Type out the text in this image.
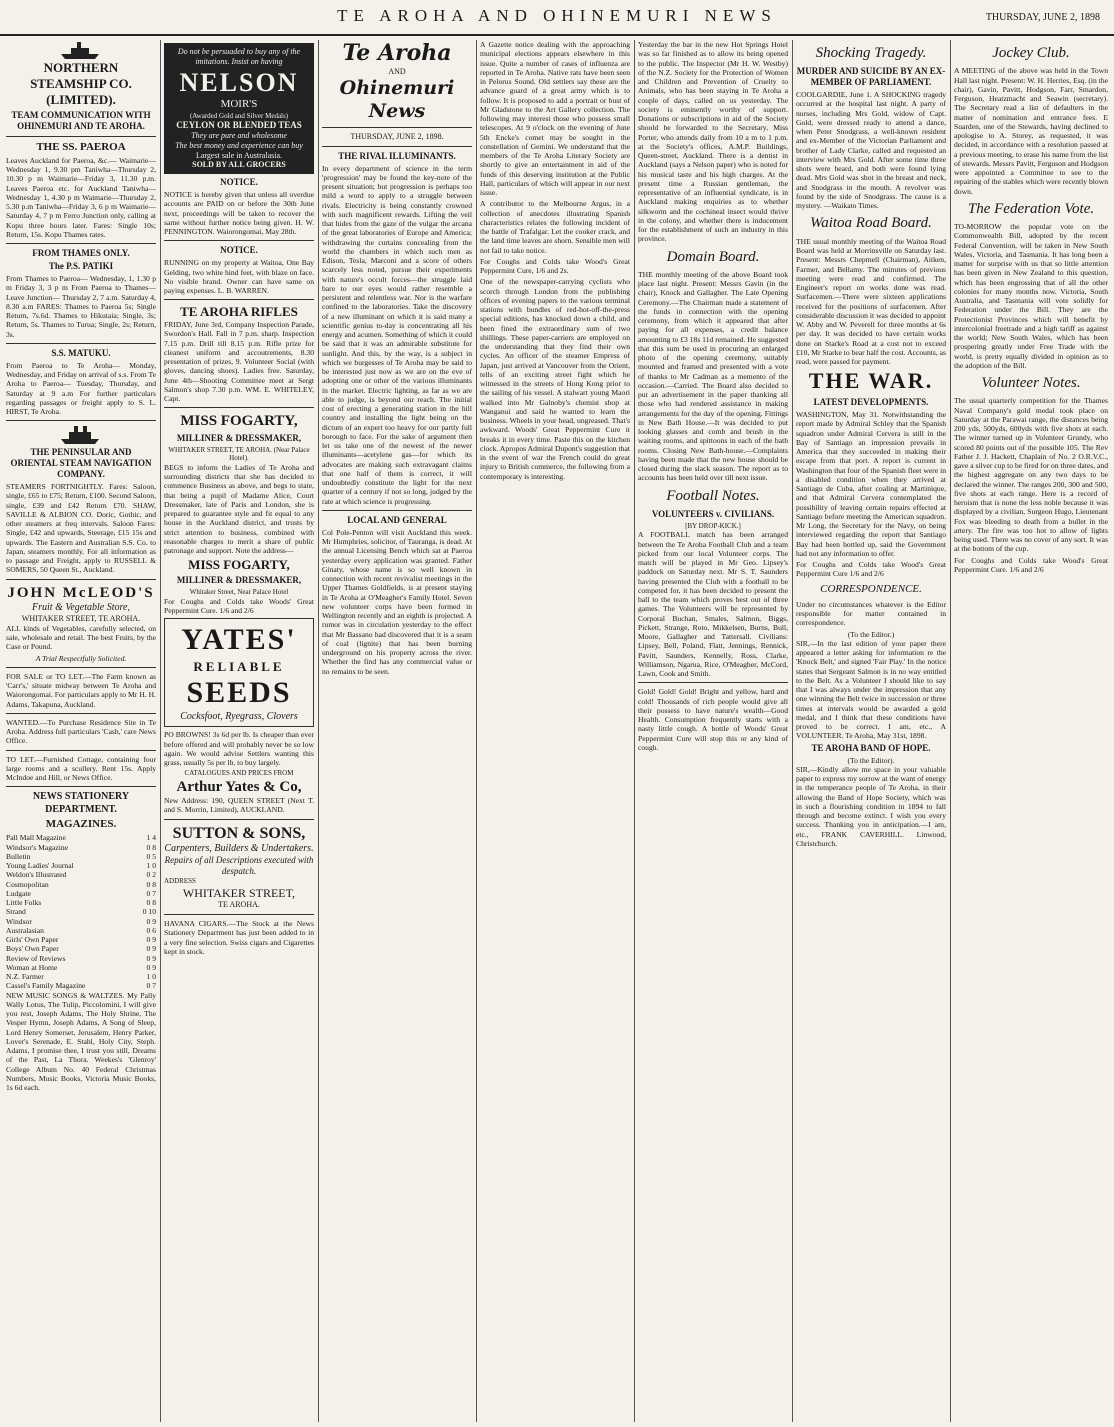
TE AROHA AND OHINEMURI NEWS	THURSDAY, JUNE 2, 1898
NORTHERN STEAMSHIP CO. (LIMITED).
TEAM COMMUNICATION WITH OHINEMURI AND TE AROHA.
THE SS. PAEROA

Leaves Auckland for Paeroa, &c.— Waimarie—Wednesday 1, 9.30 pm Taniwha—Thursday 2, 10.30 p m Waimarie—Friday 3, 11.30 p.m. Leaves Paeroa etc. for Auckland Taniwha—Wednesday 1, 4.30 p m Waimarie—Thursday 2, 5.30 p.m Taniwha—Friday 3, 6 p m Waimarie—Saturday 4, 7 p m Ferro Junction only, calling at Kopu three hours later. Fares: Single 10s; Return, 15s. Kopu Thames rates.

FROM THAMES ONLY.
The P.S. PATIKI

From Thames to Paeroa— Wednesday, 1, 1.30 p m Friday 3, 3 p m From Paeroa to Thames— Leave Junction— Thursday 2, 7 a.m. Saturday 4, 8.30 a.m FARES: Thames to Paeroa 5s; Single Return, 7s.6d. Thames to Hikutaia; Single, 3s; Return, 5s. Thames to Turua; Single, 2s; Return, 3s.

S.S. MATUKU.

From Paeroa to Te Aroha— Monday, Wednesday, and Friday on arrival of s.s. From Te Aroha to Paeroa— Tuesday, Thursday, and Saturday at 9 a.m For further particulars regarding passages or freight apply to S. L. HIRST, Te Aroha.

THE PENINSULAR AND ORIENTAL STEAM NAVIGATION COMPANY.

STEAMERS FORTNIGHTLY. Fares: Saloon, single, £65 to £75; Return, £100. Second Saloon, single, £39 and £42 Return £70. SHAW, SAVILLE & ALBION CO. Doric, Gothic, and other steamers at freq intervals. Saloon Fares: Single, £42 and upwards, Steerage, £15 15s and upwards. The Eastern and Australian S.S. Co. to Japan, steamers monthly. For all information as to passage and Freight, apply to RUSSELL & SOMERS, 50 Queen St., Auckland.

JOHN McLEOD'S
Fruit & Vegetable Store,
WHITAKER STREET, TE AROHA.

ALL kinds of Vegetables, carefully selected, on sale, wholesale and retail. The best Fruits, by the Case or Pound.

A Trial Respectfully Solicited.

FOR SALE or TO LET.—The Farm known as 'Carr's,' situate midway between Te Aroha and Waiorongomai. For particulars apply to Mr H. H. Adams, Takapuna, Auckland.

WANTED.—To Purchase Residence Site in Te Aroha. Address full particulars 'Cash,' care News Office.

TO LET.—Furnished Cottage, containing four large rooms and a scullery. Rent 15s. Apply McIndoe and Hill, or News Office.

NEWS STATIONERY DEPARTMENT.
MAGAZINES.
Pall Mall Magazine	1 4
Windsor's Magazine	0 8
Bulletin	0 5
Young Ladies' Journal	1 0
Weldon's Illustrated	0 2
Cosmopolitan	0 8
Ludgate	0 7
Little Folks	0 8
Strand	0 10
Windsor	0 9
Australasian	0 6
Girls' Own Paper	0 9
Boys' Own Paper	0 9
Review of Reviews	0 9
Woman at Home	0 9
N.Z. Farmer	1 0
Cassel's Family Magazine	0 7

NEW MUSIC SONGS & WALTZES. My Pally Wally Lotus, The Tulip, Piccolomini, I will give you rest, Joseph Adams, The Holy Shrine, The Vesper Hymn, Joseph Adams, A Song of Sleep, Lord Henry Somerset, Jerusalem, Henry Parker, Lover's Serenade, E. Stahl, Holy City, Steph. Adams, I promise thee, I trust you still, Dreams of the Past, La Thora. Weekes's 'Glenroy' College Album No. 40 Federal Christmas Numbers, Music Books, Victoria Music Books, 1s 6d each.

Do not be persuaded to buy any of the imitations. Insist on having
NELSON
MOIR'S
(Awarded Gold and Silver Medals)
CEYLON OR BLENDED TEAS
They are pure and wholesome
The best money and experience can buy
Largest sale in Australasia.
SOLD BY ALL GROCERS
NOTICE.

NOTICE is hereby given that unless all overdue accounts are PAID on or before the 30th June next, proceedings will be taken to recover the same without further notice being given. H. W. PENNINGTON. Waiorongomai, May 28th.

NOTICE.

RUNNING on my property at Waitoa, One Bay Gelding, two white hind feet, with blaze on face. No visible brand. Owner can have same on paying expenses. L. B. WARREN.

TE AROHA RIFLES

FRIDAY, June 3rd, Company Inspection Parade, Swordon's Hall. Fall in 7 p.m. sharp. Inspection 7.15 p.m. Drill till 8.15 p.m. Rifle prize for cleanest uniform and accoutrements, 8.30 presentation of prizes, 9. Volunteer Social (with gloves, dancing shoes). Ladies free. Saturday, June 4th—Shooting Committee meet at Sergt Salmon's shop 7.30 p.m. WM. E. WHITELEY, Capt.

MISS FOGARTY,
MILLINER & DRESSMAKER,
WHITAKER STREET, TE AROHA. (Near Palace Hotel).

BEGS to inform the Ladies of Te Aroha and surrounding districts that she has decided to commence Business as above, and begs to state, that being a pupil of Madame Alice, Court Dressmaker, late of Paris and London, she is prepared to guarantee style and fit equal to any house in the Auckland district, and trusts by strict attention to business, combined with reasonable charges to merit a share of public patronage and support. Note the address—

MISS FOGARTY,
MILLINER & DRESSMAKER,
Whitaker Street, Near Palace Hotel

For Coughs and Colds take Woods' Great Peppermint Cure. 1/6 and 2/6

YATES'
RELIABLE
SEEDS
Cocksfoot, Ryegrass, Clovers

PO BROWNS! 3s 6d per lb. Is cheaper than ever before offered and will probably never be so low again. We would advise Settlers wanting this grass, usually 5s per lb, to buy largely.

CATALOGUES AND PRICES FROM
Arthur Yates & Co,

New Address: 190, QUEEN STREET (Next T. and S. Morrin, Limited), AUCKLAND.

SUTTON & SONS,
Carpenters, Builders & Undertakers.
Repairs of all Descriptions executed with despatch.
ADDRESS
WHITAKER STREET,
TE AROHA.

HAVANA CIGARS.—The Stock at the News Stationery Department has just been added to in a very fine selection. Swiss cigars and Cigarettes kept in stock.

Te Aroha
AND
Ohinemuri News
THURSDAY, JUNE 2, 1898.
THE RIVAL ILLUMINANTS.

In every department of science in the term 'progression' may be found the key-note of the present situation; but progression is perhaps too mild a word to apply to a struggle between rivals. Electricity is being constantly crowned with such magnificent rewards. Lifting the veil that hides from the gaze of the vulgar the arcana of the great laboratories of Europe and America; withdrawing the curtains concealing from the world the chambers in which such men as Edison, Tesla, Marconi and a score of others scarcely less noted, pursue their experiments with nature's occult forces—the struggle laid bare to our eyes would rather resemble a persistent and relentless war. Nor is the warfare confined to the laboratories. Take the discovery of a new illuminant on which it is said many a scientific genius to-day is concentrating all his energy and acumen. Something of which it could be said that it was an admirable substitute for sunlight. And this, by the way, is a subject in which we burgesses of Te Aroha may be said to be interested just now as we are on the eve of adopting one or other of the various illuminants in the market. Electric lighting, as far as we are able to judge, is beyond our reach. The initial cost of erecting a generating station in the hill country and installing the light being on the dictum of an expert too heavy for our partly full borough to face. For the sake of argument then let us take one of the newest of the newer illuminants—acetylene gas—for which its advocates are making such extravagant claims that one half of them is correct, it will undoubtedly constitute the light for the next quarter of a century if not so long, judged by the rate at which science is progressing.

LOCAL AND GENERAL

Col Pole-Penton will visit Auckland this week. Mr Humphries, solicitor, of Tauranga, is dead. At the annual Licensing Bench which sat at Paeroa yesterday every application was granted. Father Ginaty, whose name is so well known in connection with recent revivalist meetings in the Upper Thames Goldfields, is at present staying in Te Aroha at O'Meagher's Family Hotel. Seven new volunteer corps have been formed in Wellington recently and an eighth is projected. A rumor was in circulation yesterday to the effect that Mr Bassano had discovered that it is a seam of coal (lignite) that has been burning underground on his property across the river. Whether the find has any commercial value or no remains to be seen.

A Gazette notice dealing with the approaching municipal elections appears elsewhere in this issue. Quite a number of cases of influenza are reported in Te Aroha. Native rats have been seen in Pelorus Sound. Old settlers say these are the advance guard of a great army which is to follow. It is proposed to add a portrait or bust of Mr Gladstone to the Art Gallery collection. The following may interest those who possess small telescopes. At 9 o'clock on the evening of June 5th Encke's comet may be sought in the constellation of Gemini. We understand that the members of the Te Aroha Literary Society are shortly to give an entertainment in aid of the funds of this deserving institution at the Public Hall, particulars of which will appear in our next issue.

A contributor to the Melbourne Argus, in a collection of anecdotes illustrating Spanish characteristics relates the following incident of the battle of Trafalgar. Let the cooker crack, and the land time leaves are shorn. Sensible men will not fail to take notice.

For Coughs and Colds take Wood's Great Peppermint Cure, 1/6 and 2s.

One of the newspaper-carrying cyclists who scorch through London from the publishing offices of evening papers to the various terminal stations with bundles of red-hot-off-the-press special editions, has knocked down a child, and been fined the extraordinary sum of two shillings. These paper-carriers are employed on the understanding that they find their own cycles. An officer of the steamer Empress of Japan, just arrived at Vancouver from the Orient, tells of an exciting street fight which he witnessed in the streets of Hong Kong prior to the sailing of his vessel. A stalwart young Maori walked into Mr Galnoby's chemist shop at Wanganui and said he wanted to learn the business. Wheels in your head, ungreased. That's awkward. Woods' Great Peppermint Cure it breaks it in every time. Paste this on the kitchen clock. Apropos Admiral Dupont's suggestion that in the event of war the French could do great injury to British commerce, the following from a contemporary is interesting.

Yesterday the bar in the new Hot Springs Hotel was so far finished as to allow its being opened to the public. The Inspector (Mr H. W. Westby) of the N.Z. Society for the Protection of Women and Children and Prevention of Cruelty to Animals, who has been staying in Te Aroha a couple of days, called on us yesterday. The society is eminently worthy of support. Donations or subscriptions in aid of the Society should be forwarded to the Secretary, Miss Porter, who attends daily from 10 a m to 1 p.m. at the Society's offices, A.M.P. Buildings, Queen-street, Auckland. There is a dentist in Auckland (says a Nelson paper) who is noted for his musical taste and his high charges. At the present time a Russian gentleman, the representative of an influential syndicate, is in Auckland making enquiries as to whether silkworm and the cochineal insect would thrive in the colony, and whether there is inducement for the establishment of such an industry in this province.

Domain Board.

THE monthly meeting of the above Board took place last night. Present: Messrs Gavin (in the chair), Knock and Gallagher. The Late Opening Ceremony.—The Chairman made a statement of the funds in connection with the opening ceremony, from which it appeared that after paying for all expenses, a credit balance amounting to £3 18s 11d remained. He suggested that this sum be used in procuring an enlarged photo of the opening ceremony, suitably mounted and framed and presented with a vote of thanks to Mr Cadman as a memento of the occasion.—Carried. The Board also decided to put an advertisement in the paper thanking all those who had rendered assistance in making arrangements for the day of the opening. Fittings in New Bath House.—It was decided to put looking glasses and comb and brush in the waiting rooms, and spittoons in each of the bath rooms. Closing New Bath-house.—Complaints having been made that the new house should be closed during the slack season. The report as to accounts has been held over till next issue.

Football Notes.
VOLUNTEERS v. CIVILIANS.
[BY DROP-KICK.]

A FOOTBALL match has been arranged between the Te Aroha Football Club and a team picked from our local Volunteer corps. The match will be played in Mr Geo. Lipsey's paddock on Saturday next. Mr S. T. Saunders having presented the Club with a football to be competed for, it has been decided to present the ball to the team which proves best out of three games. The Volunteers will be represented by Corporal Buchan, Smales, Salmon, Biggs, Pickett, Strange, Roto, Mikkelsen, Burns, Bull, Moore, Gallagher and Tattersall. Civilians: Lipsey, Bell, Poland, Flatt, Jennings, Rennick, Pavitt, Saunders, Kennelly, Ross, Clarke, Williamson, Ngarua, Rice, O'Meagher, McCord, Lawn, Cook and Smith.

Gold! Gold! Gold! Bright and yellow, hard and cold! Thousands of rich people would give all their possess to have nature's wealth—Good Health. Consumption frequently starts with a nasty little cough. A bottle of Woods' Great Peppermint Cure will stop this or any kind of cough.

Shocking Tragedy.
MURDER AND SUICIDE BY AN EX-MEMBER OF PARLIAMENT.

COOLGARDIE, June 1. A SHOCKING tragedy occurred at the hospital last night. A party of nurses, including Mrs Gold, widow of Capt. Gold, were dressed ready to attend a dance, when Peter Snodgrass, a well-known resident and ex-Member of the Victorian Parliament and brother of Lady Clarke, called and requested an interview with Mrs Gold. After some time three shots were heard, and both were found lying dead. Mrs Gold was shot in the breast and neck, and Snodgrass in the mouth. A revolver was found by the side of Snodgrass. The cause is a mystery. —Waikato Times.

Waitoa Road Board.

THE usual monthly meeting of the Waitoa Road Board was held at Morrinsville on Saturday last. Present: Messrs Chepmell (Chairman), Aitken, Farmer, and Bellamy. The minutes of previous meeting were read and confirmed. The Engineer's report on works done was read. Surfacemen.—There were sixteen applications received for the positions of surfacemen. After considerable discussion it was decided to appoint W. Abby and W. Peverell for three months at 6s per day. It was decided to have certain works done on Starke's Road at a cost not to exceed £10, Mr Starke to bear half the cost. Accounts, as read, were passed for payment.

THE WAR.
LATEST DEVELOPMENTS.

WASHINGTON, May 31. Notwithstanding the report made by Admiral Schley that the Spanish squadron under Admiral Cervera is still in the Bay of Santiago an impression prevails in America that they succeeded in making their escape from that port. A report is current in Washington that four of the Spanish fleet were in a disabled condition when they arrived at Santiago de Cuba, after coaling at Martinique, and that Admiral Cervera contemplated the possibility of leaving certain repairs effected at Santiago before meeting the American squadron. Mr Long, the Secretary for the Navy, on being interviewed regarding the report that Santiago Bay had been bottled up, said the Government had not any information to offer.

For Coughs and Colds take Wood's Great Peppermint Cure 1/6 and 2/6

CORRESPONDENCE.

Under no circumstances whatever is the Editor responsible for matter contained in correspondence.

(To the Editor.)

SIR,—In the last edition of your paper there appeared a letter asking for information re the 'Knock Belt,' and signed 'Fair Play.' In the notice states that Sergeant Salmon is in no way entitled to the Belt. As a Volunteer I should like to say that I was always under the impression that any one winning the Belt twice in succession or three times at intervals would be awarded a gold medal, and I think that these conditions have proved to be correct. I am, etc., A VOLUNTEER. Te Aroha, May 31st, 1898.

TE AROHA BAND OF HOPE.
(To the Editor).

SIR,—Kindly allow me space in your valuable paper to express my sorrow at the want of energy in the temperance people of Te Aroha, in their allowing the Band of Hope Society, which was in such a flourishing condition in 1894 to fall through and become extinct. I wish you every success. Thanking you in anticipation.—I am, etc., FRANK CAVERHILL. Linwood, Christchurch.

Jockey Club.

A MEETING of the above was held in the Town Hall last night. Present: W. H. Herries, Esq. (in the chair), Gavin, Pavitt, Hodgson, Farr, Smardon, Ferguson, Heatzmacht and Seawin (secretary). The Secretary read a list of defaulters in the matter of nomination and entrance fees. E Suarden, one of the Stewards, having declined to apologise to A. Storey, as requested, it was decided, in accordance with a resolution passed at a previous meeting, to erase his name from the list of stewards. Messrs Pavitt, Ferguson and Hodgson were appointed a Committee to see to the repairing of the stables which were recently blown down.

The Federation Vote.

TO-MORROW the popular vote on the Commonwealth Bill, adopted by the recent Federal Convention, will be taken in New South Wales, Victoria, and Tasmania. It has long been a matter for surprise with us that so little attention has been given in New Zealand to this question, which has been engrossing that of all the other colonies for many months now. Victoria, South Australia, and Tasmania will vote solidly for Federation under the Bill. They are the Protectionist Provinces which will benefit by intercolonial freetrade and a high tariff as against the world; New South Wales, which has been prospering greatly under Free Trade with the world, is pretty equally divided in opinion as to the adoption of the Bill.

Volunteer Notes.

The usual quarterly competition for the Thames Naval Company's gold medal took place on Saturday at the Parawai range, the distances being 200 yds, 500yds, 600yds with five shots at each. The winner turned up in Volunteer Grundy, who scored 80 points out of the possible 105. The Rev Father J. J. Hackett, Chaplain of No. 2 O.R.V.C., gave a silver cup to be fired for on three dates, and the highest aggregate on any two days to be declared the winner. The ranges 200, 300 and 500, five shots at each range. Here is a record of heroism that is none the less noble because it was displayed by a civilian, Surgeon Hugo, Lieutenant Fox was bleeding to death from a bullet in the artery. The fire was too hot to allow of lights being used. There was no cover of any sort. It was at the bottom of the cup.

For Coughs and Colds take Wood's Great Peppermint Cure. 1/6 and 2/6
